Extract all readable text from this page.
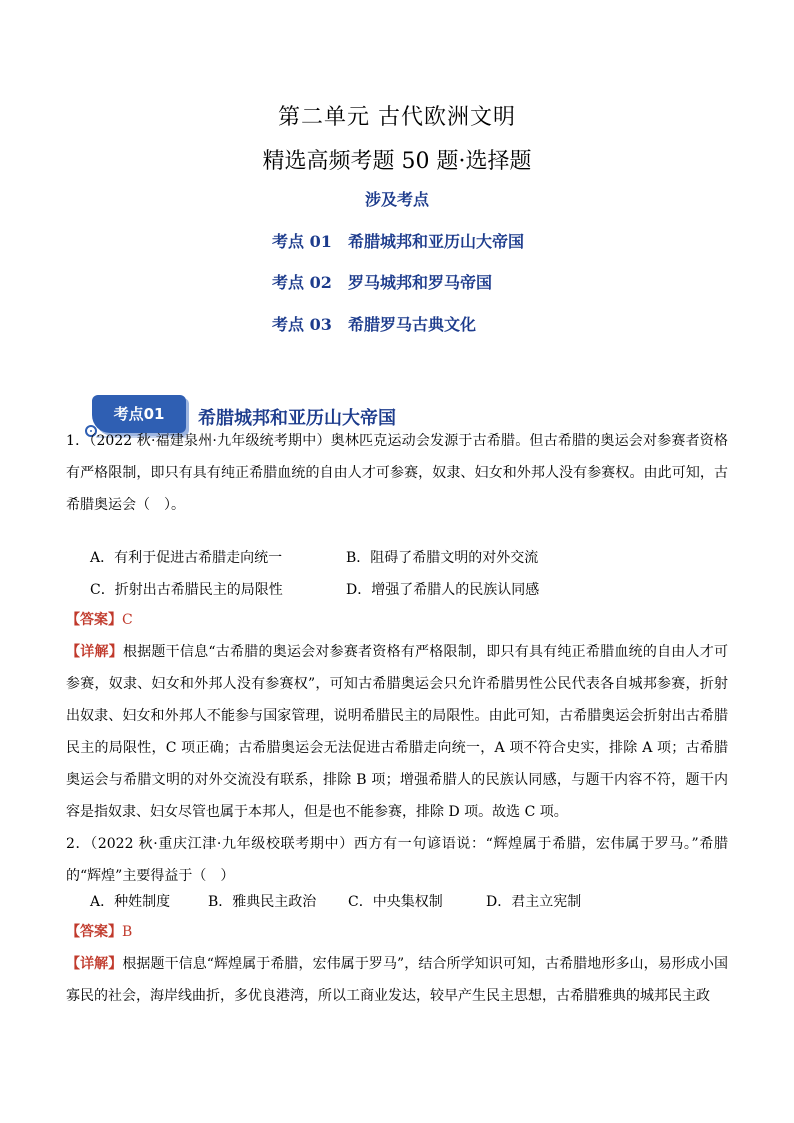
第二单元 古代欧洲文明
精选高频考题 50 题·选择题
涉及考点
考点 01 希腊城邦和亚历山大帝国
考点 02 罗马城邦和罗马帝国
考点 03 希腊罗马古典文化
考点01	希腊城邦和亚历山大帝国

1．（2022 秋·福建泉州·九年级统考期中）奥林匹克运动会发源于古希腊。但古希腊的奥运会对参赛者资格有严格限制，即只有具有纯正希腊血统的自由人才可参赛，奴隶、妇女和外邦人没有参赛权。由此可知，古希腊奥运会（　）。

A．有利于促进古希腊走向统一	B．阻碍了希腊文明的对外交流
C．折射出古希腊民主的局限性	D．增强了希腊人的民族认同感
【答案】C

【详解】根据题干信息“古希腊的奥运会对参赛者资格有严格限制，即只有具有纯正希腊血统的自由人才可参赛，奴隶、妇女和外邦人没有参赛权”，可知古希腊奥运会只允许希腊男性公民代表各自城邦参赛，折射出奴隶、妇女和外邦人不能参与国家管理，说明希腊民主的局限性。由此可知，古希腊奥运会折射出古希腊民主的局限性，C 项正确；古希腊奥运会无法促进古希腊走向统一，A 项不符合史实，排除 A 项；古希腊奥运会与希腊文明的对外交流没有联系，排除 B 项；增强希腊人的民族认同感，与题干内容不符，题干内容是指奴隶、妇女尽管也属于本邦人，但是也不能参赛，排除 D 项。故选 C 项。

2．（2022 秋·重庆江津·九年级校联考期中）西方有一句谚语说：“辉煌属于希腊，宏伟属于罗马。”希腊的“辉煌”主要得益于（　）

A．种姓制度	B．雅典民主政治 C．中央集权制	D．君主立宪制
【答案】B

【详解】根据题干信息“辉煌属于希腊，宏伟属于罗马”，结合所学知识可知，古希腊地形多山，易形成小国寡民的社会，海岸线曲折，多优良港湾，所以工商业发达，较早产生民主思想，古希腊雅典的城邦民主政
